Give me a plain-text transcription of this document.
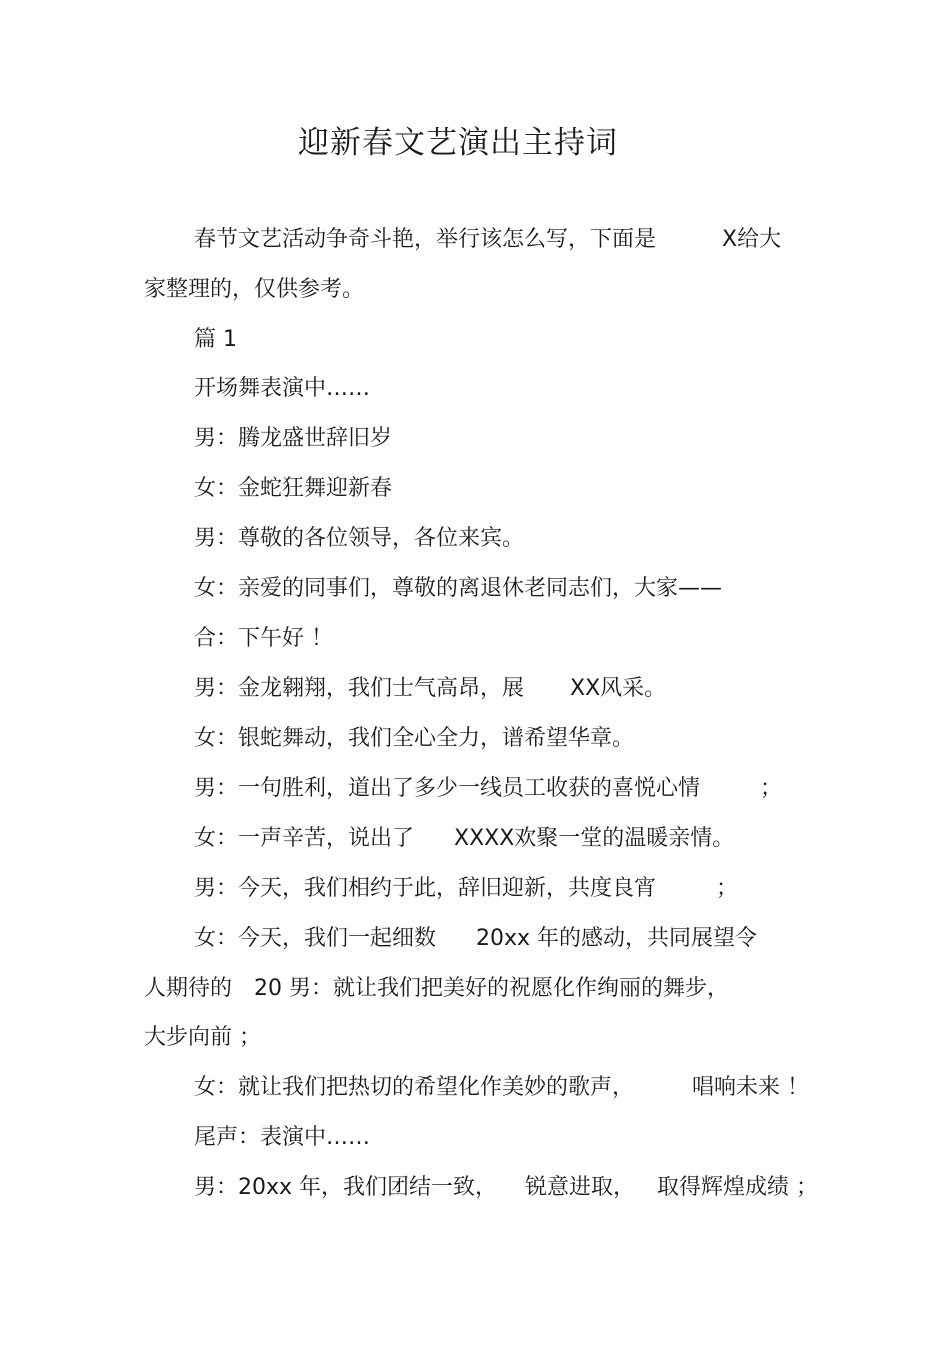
迎新春文艺演出主持词
春节文艺活动争奇斗艳，举行该怎么写，下面是	X给大
家整理的，仅供参考。
篇 1
开场舞表演中……
男：腾龙盛世辞旧岁
女：金蛇狂舞迎新春
男：尊敬的各位领导，各位来宾。
女：亲爱的同事们，尊敬的离退休老同志们，大家——
合：下午好 ！
男：金龙翱翔，我们士气高昂，展 XX风采。
女：银蛇舞动，我们全心全力，谱希望华章。
男：一句胜利，道出了多少一线员工收获的喜悦心情	；
女：一声辛苦，说出了 XXXX欢聚一堂的温暖亲情。
男：今天，我们相约于此，辞旧迎新，共度良宵	；
女：今天，我们一起细数 20xx 年的感动，共同展望令
人期待的 20 男：就让我们把美好的祝愿化作绚丽的舞步，
大步向前 ；
女：就让我们把热切的希望化作美妙的歌声，	唱响未来 ！
尾声：表演中……
男：20xx 年，我们团结一致， 锐意进取， 取得辉煌成绩 ；
